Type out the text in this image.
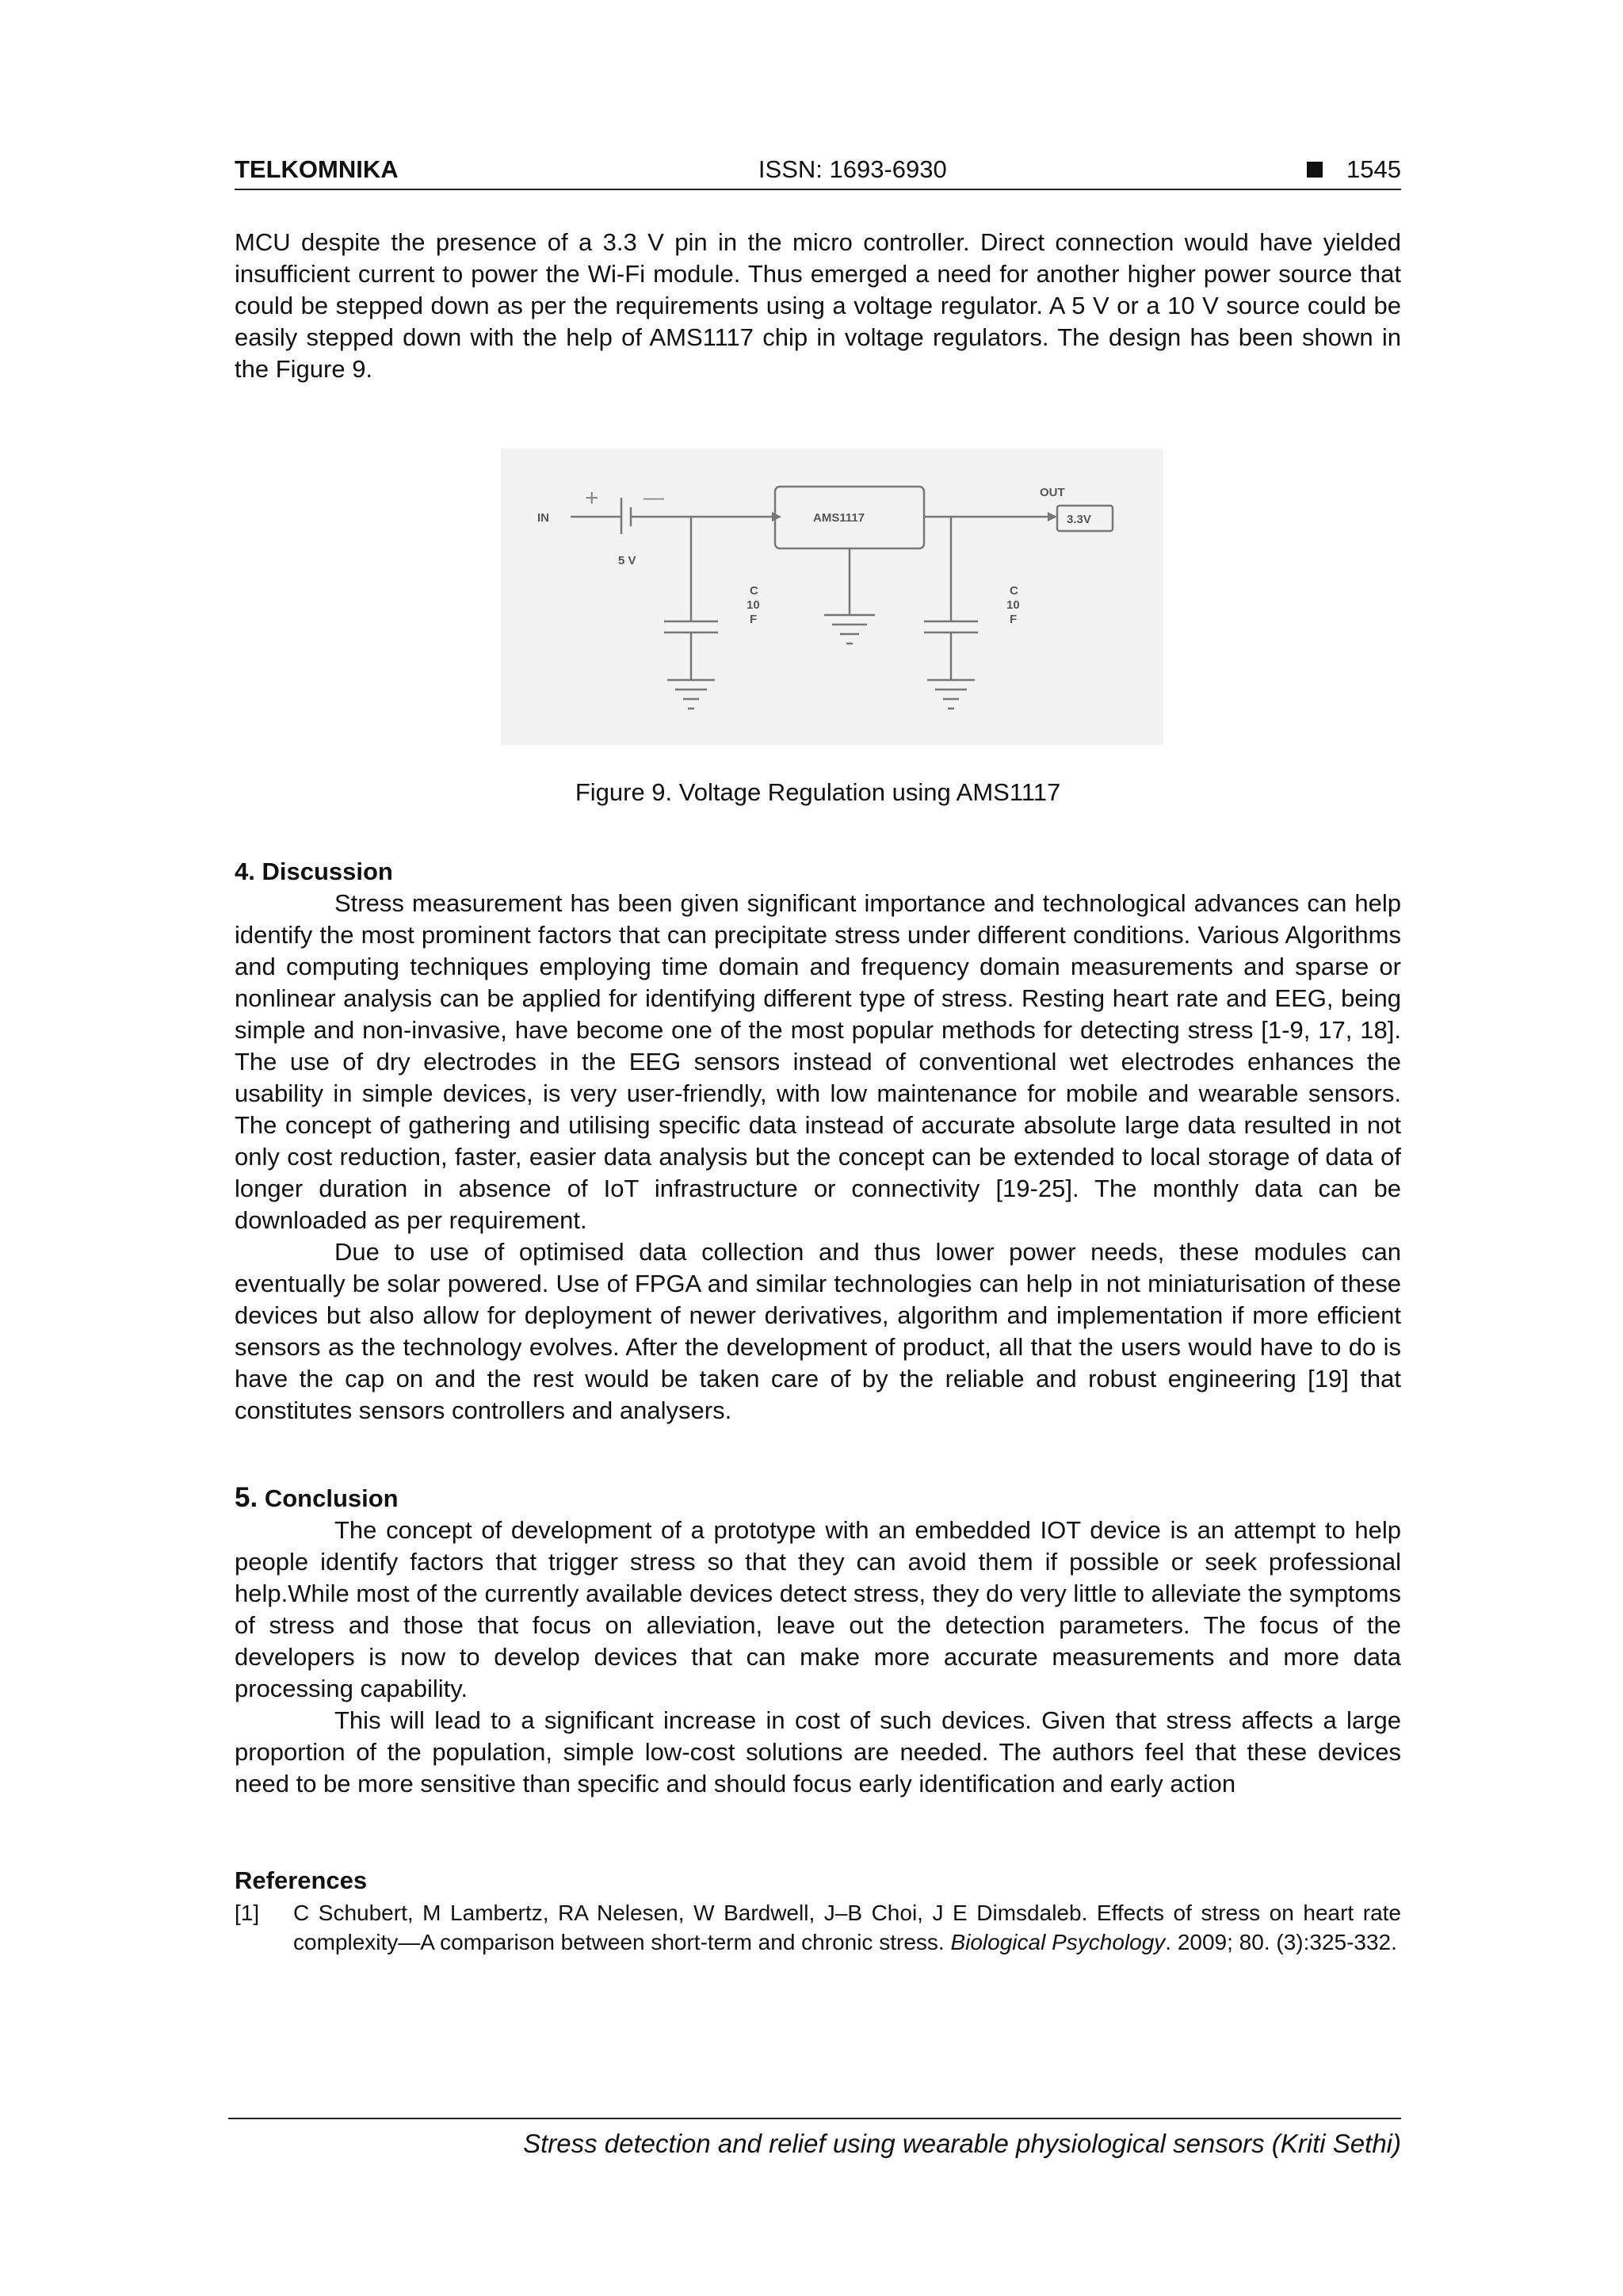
TELKOMNIKA	ISSN: 1693-6930	1545

MCU despite the presence of a 3.3 V pin in the micro controller. Direct connection would have yielded insufficient current to power the Wi-Fi module. Thus emerged a need for another higher power source that could be stepped down as per the requirements using a voltage regulator. A 5 V or a 10 V source could be easily stepped down with the help of AMS1117 chip in voltage regulators. The design has been shown in the Figure 9.

IN
+ —
5 V
AMS1117
OUT
3.3V
C
10
F
C
10
F
Figure 9. Voltage Regulation using AMS1117
4. Discussion

Stress measurement has been given significant importance and technological advances can help identify the most prominent factors that can precipitate stress under different conditions. Various Algorithms and computing techniques employing time domain and frequency domain measurements and sparse or nonlinear analysis can be applied for identifying different type of stress. Resting heart rate and EEG, being simple and non-invasive, have become one of the most popular methods for detecting stress [1-9, 17, 18]. The use of dry electrodes in the EEG sensors instead of conventional wet electrodes enhances the usability in simple devices, is very user-friendly, with low maintenance for mobile and wearable sensors. The concept of gathering and utilising specific data instead of accurate absolute large data resulted in not only cost reduction, faster, easier data analysis but the concept can be extended to local storage of data of longer duration in absence of IoT infrastructure or connectivity [19-25]. The monthly data can be downloaded as per requirement.

Due to use of optimised data collection and thus lower power needs, these modules can eventually be solar powered. Use of FPGA and similar technologies can help in not miniaturisation of these devices but also allow for deployment of newer derivatives, algorithm and implementation if more efficient sensors as the technology evolves. After the development of product, all that the users would have to do is have the cap on and the rest would be taken care of by the reliable and robust engineering [19] that constitutes sensors controllers and analysers.

5. Conclusion

The concept of development of a prototype with an embedded IOT device is an attempt to help people identify factors that trigger stress so that they can avoid them if possible or seek professional help.While most of the currently available devices detect stress, they do very little to alleviate the symptoms of stress and those that focus on alleviation, leave out the detection parameters. The focus of the developers is now to develop devices that can make more accurate measurements and more data processing capability.

This will lead to a significant increase in cost of such devices. Given that stress affects a large proportion of the population, simple low-cost solutions are needed. The authors feel that these devices need to be more sensitive than specific and should focus early identification and early action

References
[1]	C Schubert, M Lambertz, RA Nelesen, W Bardwell, J–B Choi, J E Dimsdaleb. Effects of stress on heart rate complexity—A comparison between short-term and chronic stress. Biological Psychology. 2009; 80. (3):325-332.
Stress detection and relief using wearable physiological sensors (Kriti Sethi)
